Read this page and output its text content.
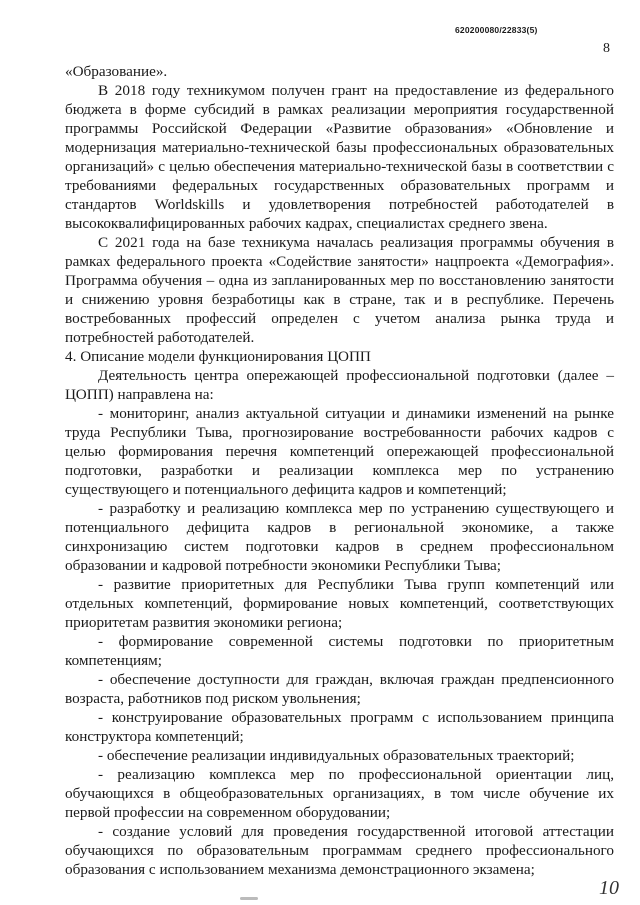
620200080/22833(5)
8

«Образование».

В 2018 году техникумом получен грант на предоставление из федерального бюджета в форме субсидий в рамках реализации мероприятия государственной программы Российской Федерации «Развитие образования» «Обновление и модернизация материально-технической базы профессиональных образовательных организаций» с целью обеспечения материально-технической базы в соответствии с требованиями федеральных государственных образовательных программ и стандартов Worldskills и удовлетворения потребностей работодателей в высококвалифицированных рабочих кадрах, специалистах среднего звена.

С 2021 года на базе техникума началась реализация программы обучения в рамках федерального проекта «Содействие занятости» нацпроекта «Демография». Программа обучения – одна из запланированных мер по восстановлению занятости и снижению уровня безработицы как в стране, так и в республике. Перечень востребованных профессий определен с учетом анализа рынка труда и потребностей работодателей.

4. Описание модели функционирования ЦОПП

Деятельность центра опережающей профессиональной подготовки (далее – ЦОПП) направлена на:

- мониторинг, анализ актуальной ситуации и динамики изменений на рынке труда Республики Тыва, прогнозирование востребованности рабочих кадров с целью формирования перечня компетенций опережающей профессиональной подготовки, разработки и реализации комплекса мер по устранению существующего и потенциального дефицита кадров и компетенций;

- разработку и реализацию комплекса мер по устранению существующего и потенциального дефицита кадров в региональной экономике, а также синхронизацию систем подготовки кадров в среднем профессиональном образовании и кадровой потребности экономики Республики Тыва;

- развитие приоритетных для Республики Тыва групп компетенций или отдельных компетенций, формирование новых компетенций, соответствующих приоритетам развития экономики региона;

- формирование современной системы подготовки по приоритетным компетенциям;

- обеспечение доступности для граждан, включая граждан предпенсионного возраста, работников под риском увольнения;

- конструирование образовательных программ с использованием принципа конструктора компетенций;

- обеспечение реализации индивидуальных образовательных траекторий;

- реализацию комплекса мер по профессиональной ориентации лиц, обучающихся в общеобразовательных организациях, в том числе обучение их первой профессии на современном оборудовании;

- создание условий для проведения государственной итоговой аттестации обучающихся по образовательным программам среднего профессионального образования с использованием механизма демонстрационного экзамена;

10
